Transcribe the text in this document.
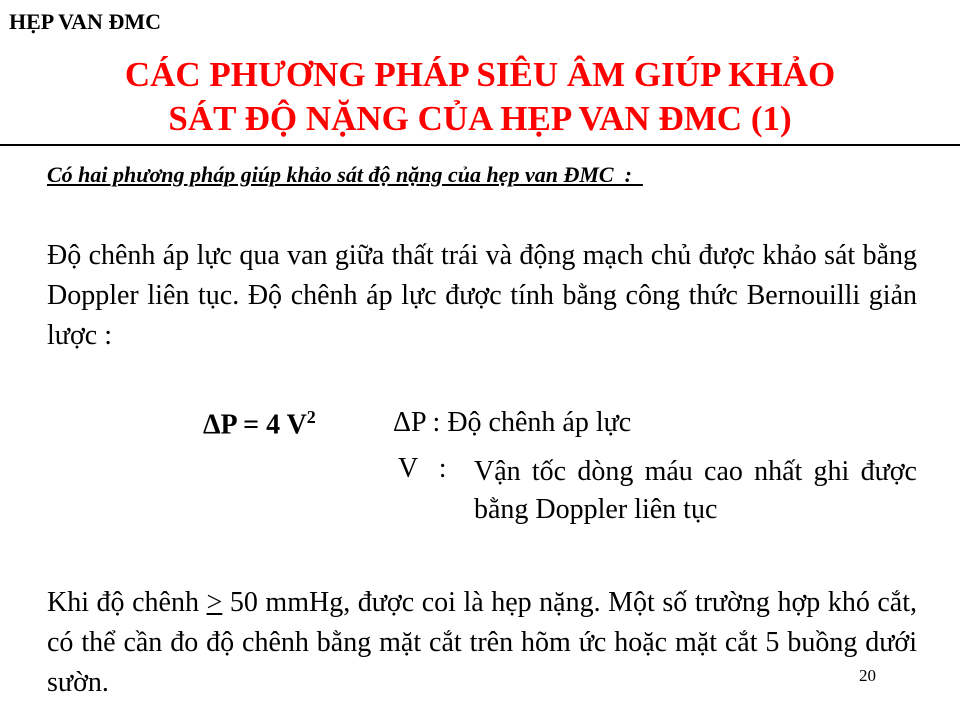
HẸP VAN ĐMC
CÁC PHƯƠNG PHÁP SIÊU ÂM GIÚP KHẢO
SÁT ĐỘ NẶNG CỦA HẸP VAN ĐMC (1)
Có hai phương pháp giúp khảo sát độ nặng của hẹp van ĐMC  :

Độ chênh áp lực qua van giữa thất trái và động mạch chủ được khảo sát bằng Doppler liên tục. Độ chênh áp lực được tính bằng công thức Bernouilli giản lược :

ΔP = 4 $V^2$	ΔP : Độ chênh áp lực
V   : Vận tốc dòng máu cao nhất ghi được bằng Doppler liên tục

Khi độ chênh ≥ 50 mmHg, được coi là hẹp nặng. Một số trường hợp khó cắt, có thể cần đo độ chênh bằng mặt cắt trên hõm ức hoặc mặt cắt 5 buồng dưới sườn.	20
